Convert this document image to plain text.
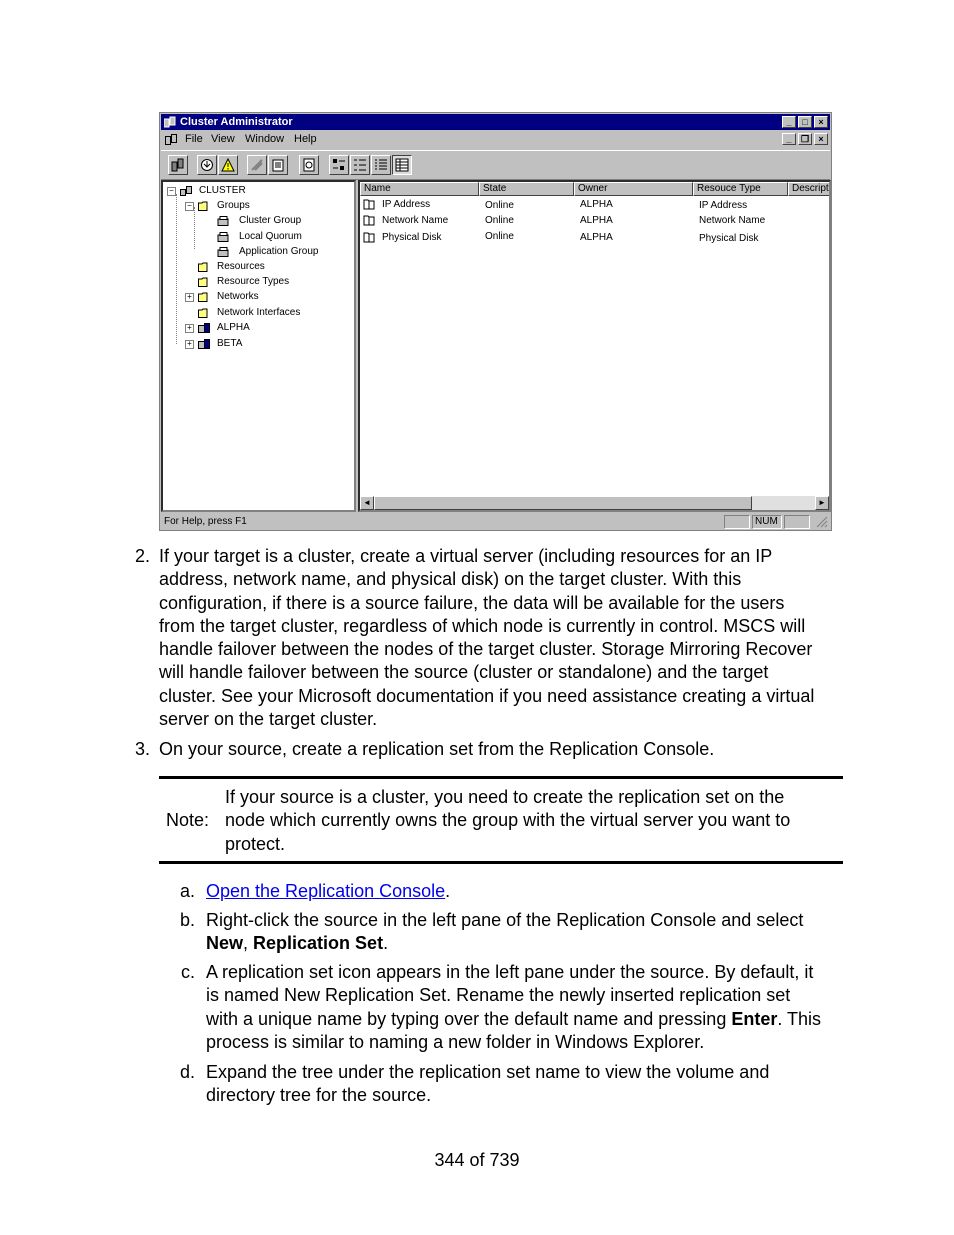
Cluster Administrator	_	□	×
File View Window Help	_	❐	×
−	CLUSTER
−	Groups
Cluster Group
Local Quorum
Application Group
Resources
Resource Types
+	Networks
Network Interfaces
+	ALPHA
+	BETA
Name	State	Owner	Resouce Type	Descript
IP Address	Online	ALPHA	IP Address
Network Name	Online	ALPHA	Network Name
Physical Disk	Online	ALPHA	Physical Disk
◄	►
For Help, press F1	NUM
2. If your target is a cluster, create a virtual server (including resources for an IP
address, network name, and physical disk) on the target cluster. With this
configuration, if there is a source failure, the data will be available for the users
from the target cluster, regardless of which node is currently in control. MSCS will
handle failover between the nodes of the target cluster. Storage Mirroring Recover
will handle failover between the source (cluster or standalone) and the target
cluster. See your Microsoft documentation if you need assistance creating a virtual
server on the target cluster.
3. On your source, create a replication set from the Replication Console.
Note:
If your source is a cluster, you need to create the replication set on the
node which currently owns the group with the virtual server you want to
protect.
a. Open the Replication Console.
b. Right-click the source in the left pane of the Replication Console and select
New, Replication Set.
c. A replication set icon appears in the left pane under the source. By default, it
is named New Replication Set. Rename the newly inserted replication set
with a unique name by typing over the default name and pressing Enter. This
process is similar to naming a new folder in Windows Explorer.
d. Expand the tree under the replication set name to view the volume and
directory tree for the source.
344 of 739
